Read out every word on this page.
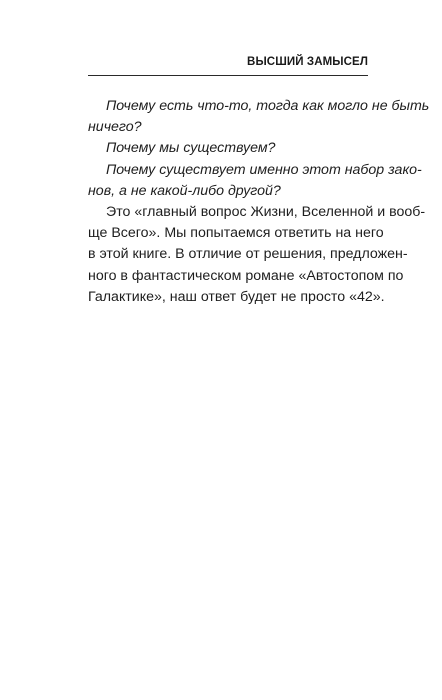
ВЫСШИЙ ЗАМЫСЕЛ
Почему есть что-то, тогда как могло не быть
ничего?
Почему мы существуем?
Почему существует именно этот набор зако-
нов, а не какой-либо другой?
Это «главный вопрос Жизни, Вселенной и вооб-
ще Всего». Мы попытаемся ответить на него
в этой книге. В отличие от решения, предложен-
ного в фантастическом романе «Автостопом по
Галактике», наш ответ будет не просто «42».
